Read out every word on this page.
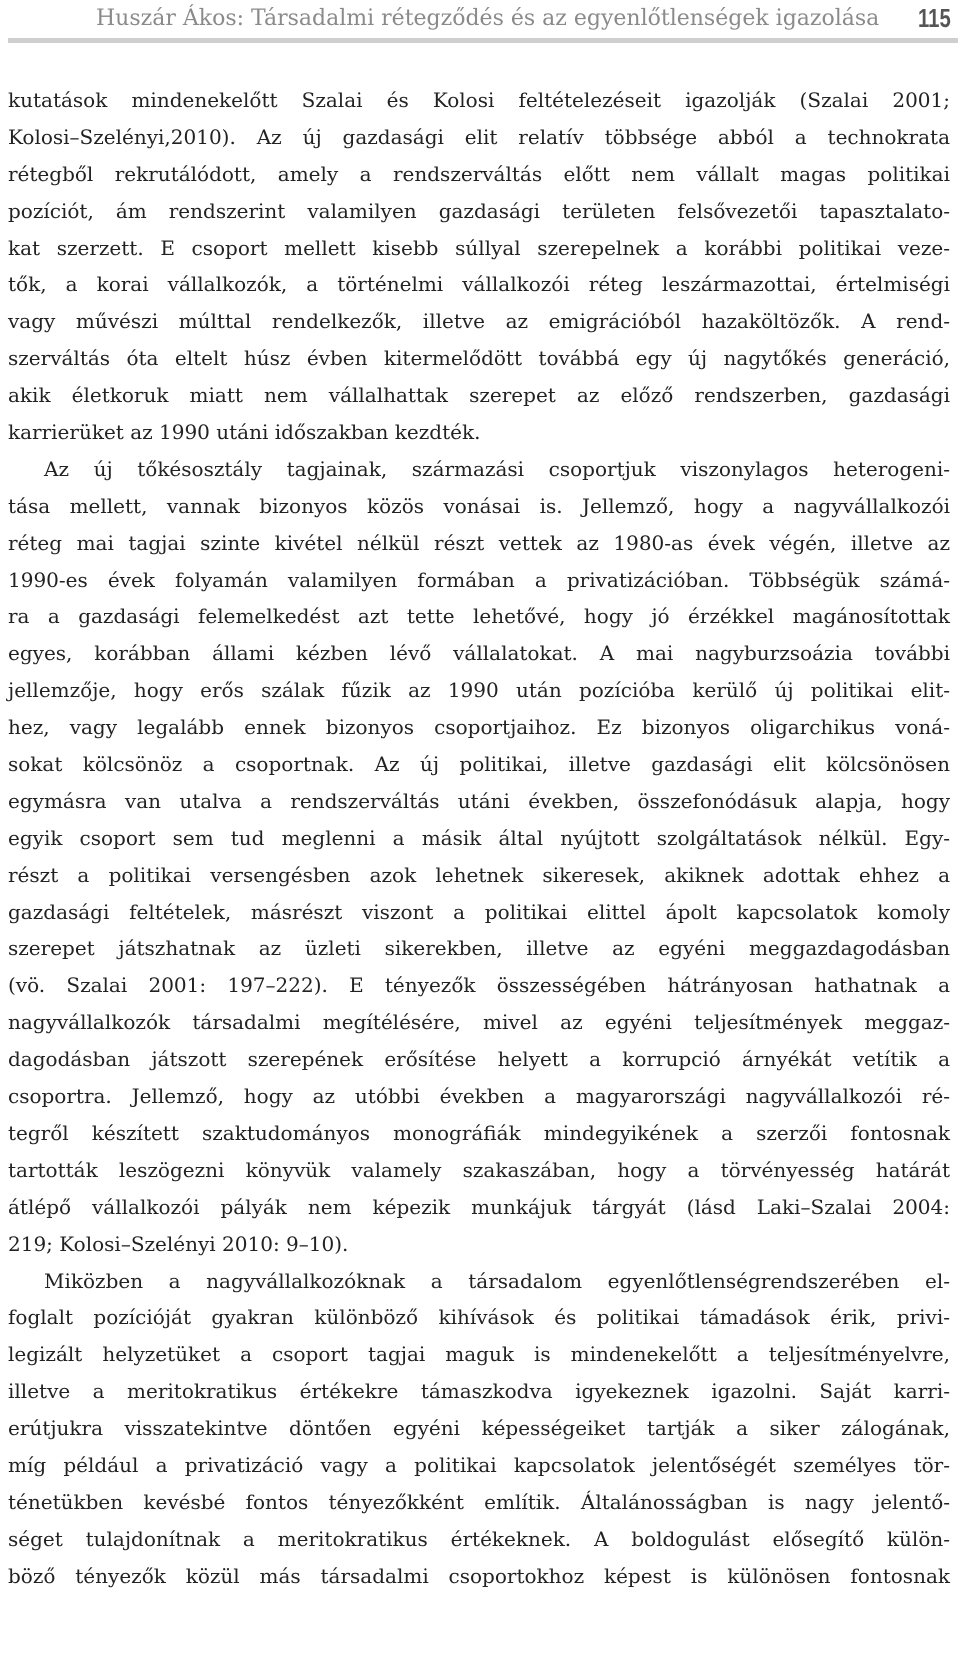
Huszár Ákos: Társadalmi rétegződés és az egyenlőtlenségek igazolása	115
kutatások mindenekelőtt Szalai és Kolosi feltételezéseit igazolják (Szalai 2001;
Kolosi–Szelényi,2010). Az új gazdasági elit relatív többsége abból a technokrata
rétegből rekrutálódott, amely a rendszerváltás előtt nem vállalt magas politikai
pozíciót, ám rendszerint valamilyen gazdasági területen felsővezetői tapasztalato-
kat szerzett. E csoport mellett kisebb súllyal szerepelnek a korábbi politikai veze-
tők, a korai vállalkozók, a történelmi vállalkozói réteg leszármazottai, értelmiségi
vagy művészi múlttal rendelkezők, illetve az emigrációból hazaköltözők. A rend-
szerváltás óta eltelt húsz évben kitermelődött továbbá egy új nagytőkés generáció,
akik életkoruk miatt nem vállalhattak szerepet az előző rendszerben, gazdasági
karrierüket az 1990 utáni időszakban kezdték.
Az új tőkésosztály tagjainak, származási csoportjuk viszonylagos heterogeni-
tása mellett, vannak bizonyos közös vonásai is. Jellemző, hogy a nagyvállalkozói
réteg mai tagjai szinte kivétel nélkül részt vettek az 1980-as évek végén, illetve az
1990-es évek folyamán valamilyen formában a privatizációban. Többségük számá-
ra a gazdasági felemelkedést azt tette lehetővé, hogy jó érzékkel magánosítottak
egyes, korábban állami kézben lévő vállalatokat. A mai nagyburzsoázia további
jellemzője, hogy erős szálak fűzik az 1990 után pozícióba kerülő új politikai elit-
hez, vagy legalább ennek bizonyos csoportjaihoz. Ez bizonyos oligarchikus voná-
sokat kölcsönöz a csoportnak. Az új politikai, illetve gazdasági elit kölcsönösen
egymásra van utalva a rendszerváltás utáni években, összefonódásuk alapja, hogy
egyik csoport sem tud meglenni a másik által nyújtott szolgáltatások nélkül. Egy-
részt a politikai versengésben azok lehetnek sikeresek, akiknek adottak ehhez a
gazdasági feltételek, másrészt viszont a politikai elittel ápolt kapcsolatok komoly
szerepet játszhatnak az üzleti sikerekben, illetve az egyéni meggazdagodásban
(vö. Szalai 2001: 197–222). E tényezők összességében hátrányosan hathatnak a
nagyvállalkozók társadalmi megítélésére, mivel az egyéni teljesítmények meggaz-
dagodásban játszott szerepének erősítése helyett a korrupció árnyékát vetítik a
csoportra. Jellemző, hogy az utóbbi években a magyarországi nagyvállalkozói ré-
tegről készített szaktudományos monográfiák mindegyikének a szerzői fontosnak
tartották leszögezni könyvük valamely szakaszában, hogy a törvényesség határát
átlépő vállalkozói pályák nem képezik munkájuk tárgyát (lásd Laki–Szalai 2004:
219; Kolosi–Szelényi 2010: 9–10).
Miközben a nagyvállalkozóknak a társadalom egyenlőtlenségrendszerében el-
foglalt pozícióját gyakran különböző kihívások és politikai támadások érik, privi-
legizált helyzetüket a csoport tagjai maguk is mindenekelőtt a teljesítményelvre,
illetve a meritokratikus értékekre támaszkodva igyekeznek igazolni. Saját karri-
erútjukra visszatekintve döntően egyéni képességeiket tartják a siker zálogának,
míg például a privatizáció vagy a politikai kapcsolatok jelentőségét személyes tör-
ténetükben kevésbé fontos tényezőkként említik. Általánosságban is nagy jelentő-
séget tulajdonítnak a meritokratikus értékeknek. A boldogulást elősegítő külön-
böző tényezők közül más társadalmi csoportokhoz képest is különösen fontosnak
